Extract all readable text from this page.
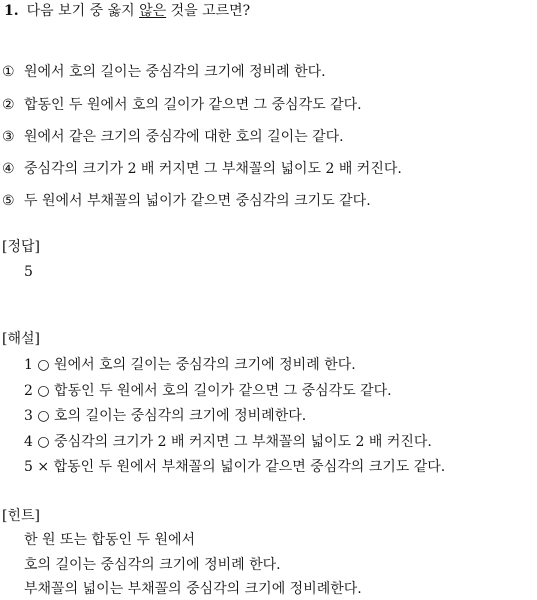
1. 다음 보기 중 옳지 않은 것을 고르면?
① 원에서 호의 길이는 중심각의 크기에 정비례 한다.
② 합동인 두 원에서 호의 길이가 같으면 그 중심각도 같다.
③ 원에서 같은 크기의 중심각에 대한 호의 길이는 같다.
④ 중심각의 크기가 2 배 커지면 그 부채꼴의 넓이도 2 배 커진다.
⑤ 두 원에서 부채꼴의 넓이가 같으면 중심각의 크기도 같다.
[정답]
5
[해설]
1 ○ 원에서 호의 길이는 중심각의 크기에 정비례 한다.
2 ○ 합동인 두 원에서 호의 길이가 같으면 그 중심각도 같다.
3 ○ 호의 길이는 중심각의 크기에 정비례한다.
4 ○ 중심각의 크기가 2 배 커지면 그 부채꼴의 넓이도 2 배 커진다.
5 × 합동인 두 원에서 부채꼴의 넓이가 같으면 중심각의 크기도 같다.
[힌트]
한 원 또는 합동인 두 원에서
호의 길이는 중심각의 크기에 정비례 한다.
부채꼴의 넓이는 부채꼴의 중심각의 크기에 정비례한다.
